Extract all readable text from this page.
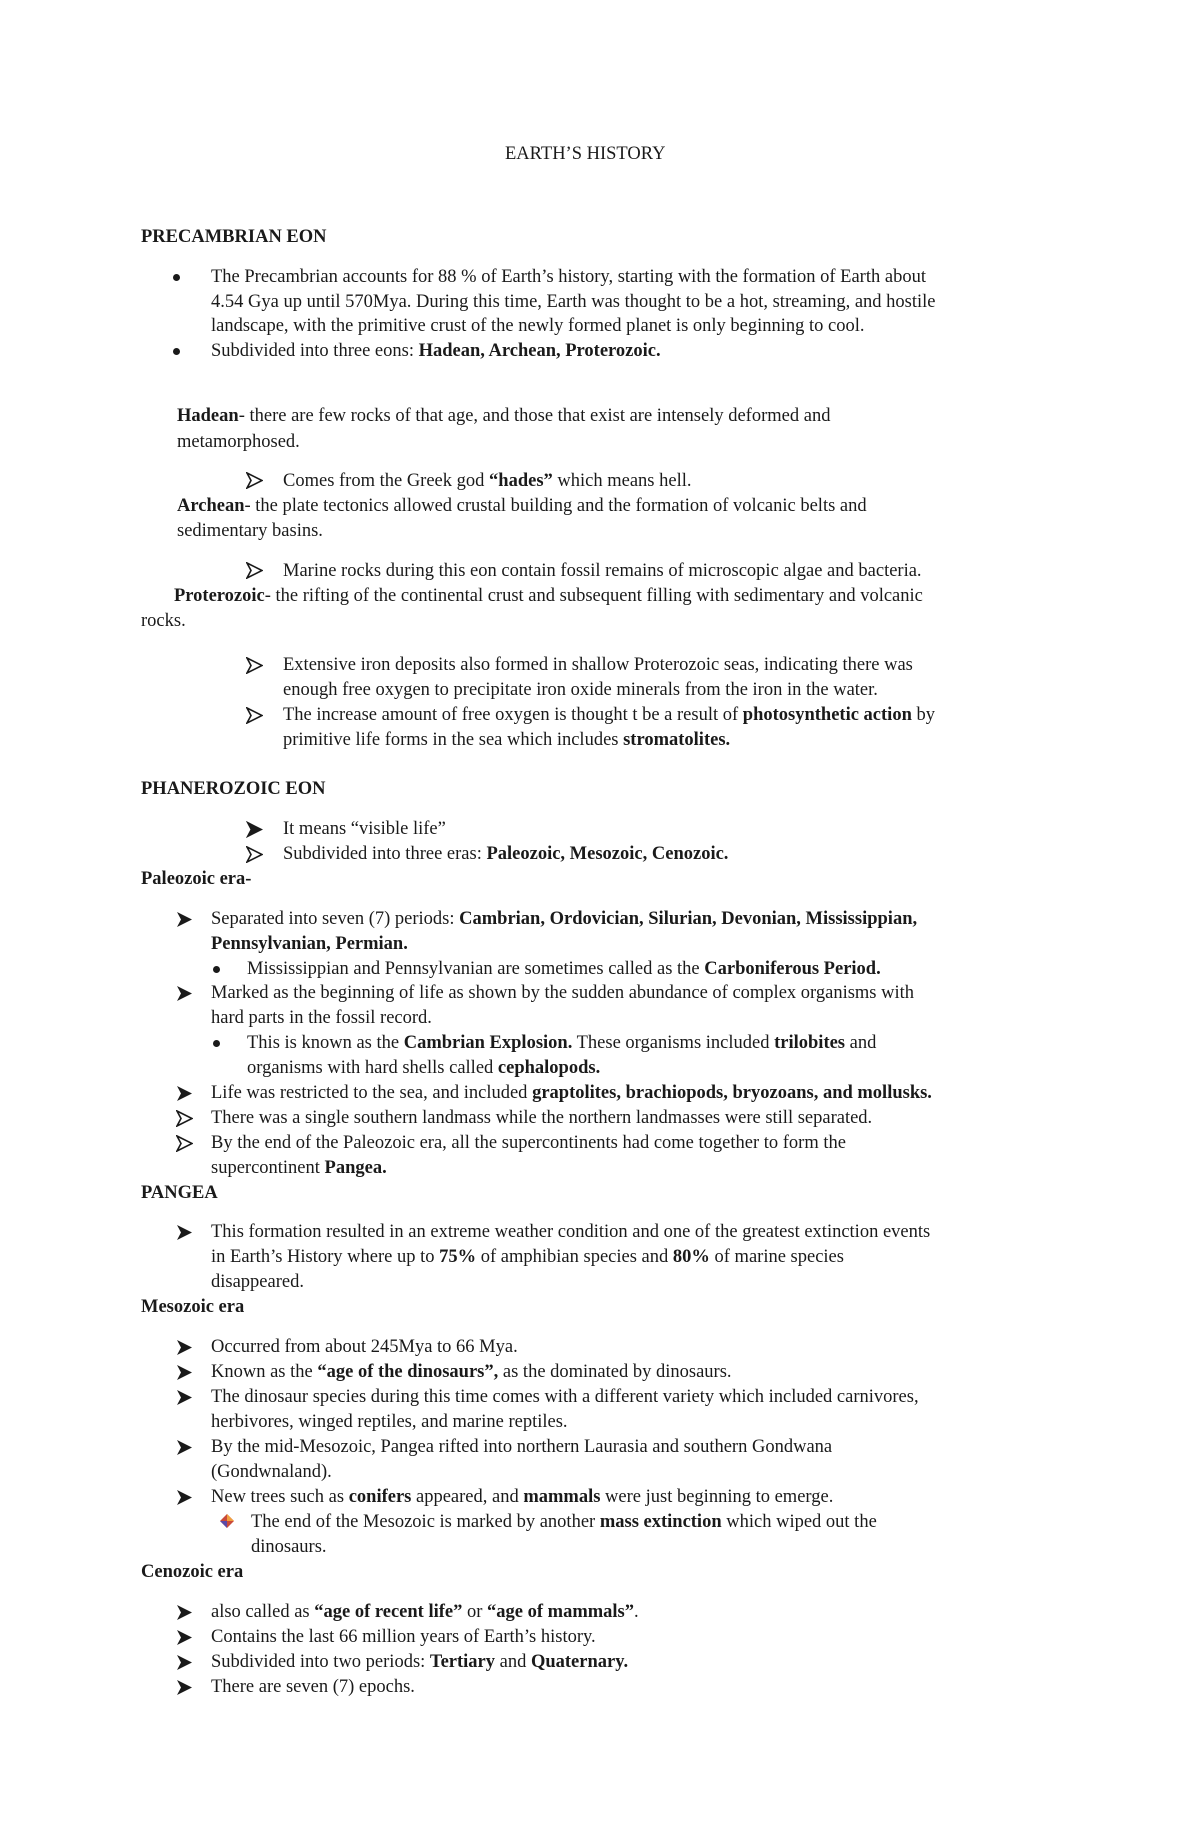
EARTH’S HISTORY
PRECAMBRIAN EON
The Precambrian accounts for 88 % of Earth’s history, starting with the formation of Earth about
4.54 Gya up until 570Mya. During this time, Earth was thought to be a hot, streaming, and hostile
landscape, with the primitive crust of the newly formed planet is only beginning to cool.
Subdivided into three eons: Hadean, Archean, Proterozoic.
Hadean- there are few rocks of that age, and those that exist are intensely deformed and
metamorphosed.
Comes from the Greek god “hades” which means hell.
Archean- the plate tectonics allowed crustal building and the formation of volcanic belts and
sedimentary basins.
Marine rocks during this eon contain fossil remains of microscopic algae and bacteria.
Proterozoic- the rifting of the continental crust and subsequent filling with sedimentary and volcanic
rocks.
Extensive iron deposits also formed in shallow Proterozoic seas, indicating there was
enough free oxygen to precipitate iron oxide minerals from the iron in the water.
The increase amount of free oxygen is thought t be a result of photosynthetic action by
primitive life forms in the sea which includes stromatolites.
PHANEROZOIC EON
It means “visible life”
Subdivided into three eras: Paleozoic, Mesozoic, Cenozoic.
Paleozoic era-
Separated into seven (7) periods: Cambrian, Ordovician, Silurian, Devonian, Mississippian,
Pennsylvanian, Permian.
Mississippian and Pennsylvanian are sometimes called as the Carboniferous Period.
Marked as the beginning of life as shown by the sudden abundance of complex organisms with
hard parts in the fossil record.
This is known as the Cambrian Explosion. These organisms included trilobites and
organisms with hard shells called cephalopods.
Life was restricted to the sea, and included graptolites, brachiopods, bryozoans, and mollusks.
There was a single southern landmass while the northern landmasses were still separated.
By the end of the Paleozoic era, all the supercontinents had come together to form the
supercontinent Pangea.
PANGEA
This formation resulted in an extreme weather condition and one of the greatest extinction events
in Earth’s History where up to 75% of amphibian species and 80% of marine species
disappeared.
Mesozoic era
Occurred from about 245Mya to 66 Mya.
Known as the “age of the dinosaurs”, as the dominated by dinosaurs.
The dinosaur species during this time comes with a different variety which included carnivores,
herbivores, winged reptiles, and marine reptiles.
By the mid-Mesozoic, Pangea rifted into northern Laurasia and southern Gondwana
(Gondwnaland).
New trees such as conifers appeared, and mammals were just beginning to emerge.
The end of the Mesozoic is marked by another mass extinction which wiped out the
dinosaurs.
Cenozoic era
also called as “age of recent life” or “age of mammals”.
Contains the last 66 million years of Earth’s history.
Subdivided into two periods: Tertiary and Quaternary.
There are seven (7) epochs.
